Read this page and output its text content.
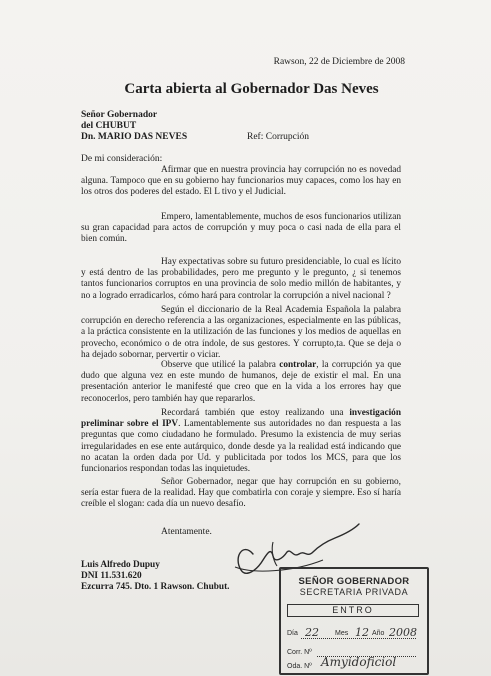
Rawson, 22 de Diciembre de 2008
Carta abierta al Gobernador Das Neves
Señor Gobernador
del CHUBUT
Dn. MARIO DAS NEVES	Ref: Corrupción
De mi consideración:

Afirmar que en nuestra provincia hay corrupción no es novedad alguna. Tampoco que en su gobierno hay funcionarios muy capaces, como los hay en los otros dos poderes del estado. El L tivo y el Judicial.

Empero, lamentablemente, muchos de esos funcionarios utilizan su gran capacidad para actos de corrupción y muy poca o casi nada de ella para el bien común.

Hay expectativas sobre su futuro presidenciable, lo cual es lícito y está dentro de las probabilidades, pero me pregunto y le pregunto, ¿ si tenemos tantos funcionarios corruptos en una provincia de solo medio millón de habitantes, y no a logrado erradicarlos, cómo hará para controlar la corrupción a nivel nacional ?

Según el diccionario de la Real Academia Española la palabra corrupción en derecho referencia a las organizaciones, especialmente en las públicas, a la práctica consistente en la utilización de las funciones y los medios de aquellas en provecho, económico o de otra índole, de sus gestores. Y corrupto,ta. Que se deja o ha dejado sobornar, pervertir o viciar.

Observe que utilicé la palabra controlar, la corrupción ya que dudo que alguna vez en este mundo de humanos, deje de existir el mal. En una presentación anterior le manifesté que creo que en la vida a los errores hay que reconocerlos, pero también hay que repararlos.

Recordará también que estoy realizando una investigación preliminar sobre el IPV. Lamentablemente sus autoridades no dan respuesta a las preguntas que como ciudadano he formulado. Presumo la existencia de muy serias irregularidades en ese ente autárquico, donde desde ya la realidad está indicando que no acatan la orden dada por Ud. y publicitada por todos los MCS, para que los funcionarios respondan todas las inquietudes.

Señor Gobernador, negar que hay corrupción en su gobierno, sería estar fuera de la realidad. Hay que combatirla con coraje y siempre. Eso sí haría creíble el slogan: cada día un nuevo desafío.

Atentamente.
Luis Alfredo Dupuy
DNI 11.531.620
Ezcurra 745. Dto. 1 Rawson. Chubut.	SEÑOR GOBERNADOR
SECRETARIA PRIVADA
ENTRO
Día 22 Mes 12 Año 2008
Corr. Nº
Oda. Nº Amyidoficiol
